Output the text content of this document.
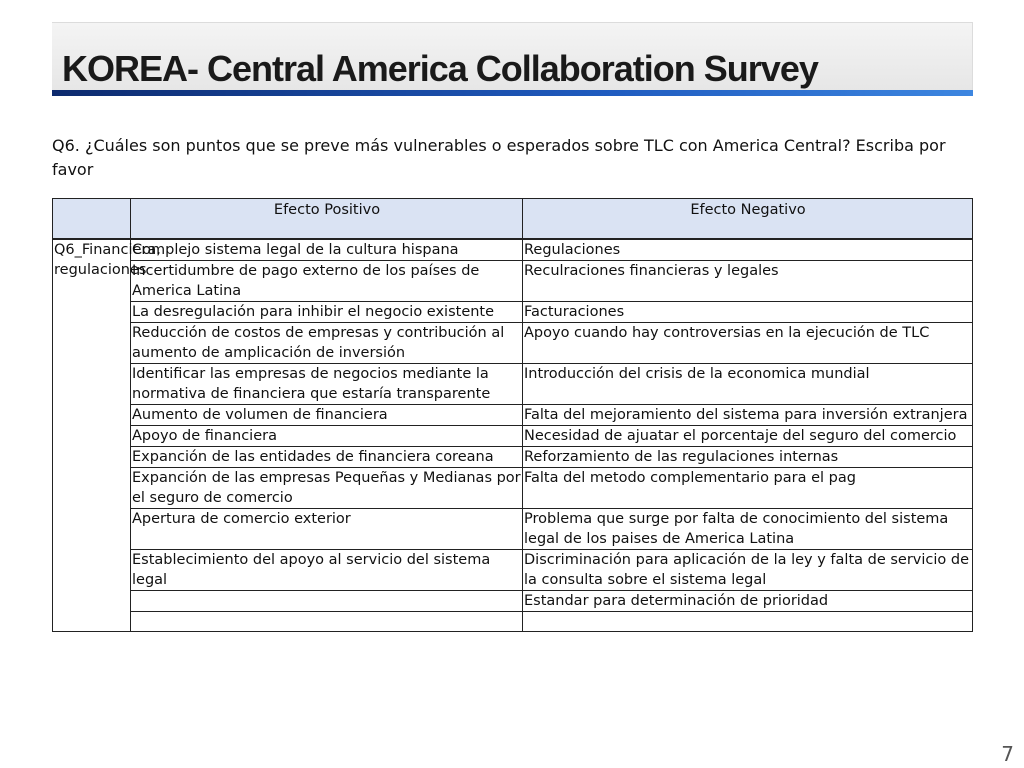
KOREA- Central America Collaboration Survey
Q6. ¿Cuáles son puntos que se preve más vulnerables o esperados sobre TLC con America Central? Escriba por favor
	Efecto Positivo	Efecto Negativo
Q6_Financiera, regulaciones	Complejo sistema legal de la cultura hispana	Regulaciones
	Incertidumbre de pago externo de los países de America Latina	Reculraciones financieras y legales
	La desregulación para inhibir el negocio existente	Facturaciones
	Reducción de costos de empresas y contribución al aumento de amplicación de inversión	Apoyo cuando hay controversias en la ejecución de TLC
	Identificar las empresas de negocios mediante la normativa de financiera que estaría transparente	Introducción del crisis de la economica mundial
	Aumento de volumen de financiera	Falta del mejoramiento del sistema para inversión extranjera
	Apoyo de financiera	Necesidad de ajuatar el porcentaje del seguro del comercio
	Expanción de las entidades de financiera coreana	Reforzamiento de las regulaciones internas
	Expanción de las empresas Pequeñas y Medianas por el seguro de comercio	Falta del metodo complementario para el pag
	Apertura de comercio exterior	Problema que surge por falta de conocimiento del sistema legal de los paises de America Latina
	Establecimiento del apoyo al servicio del sistema legal	Discriminación para aplicación de la ley y falta de servicio de la consulta sobre el sistema legal
		Estandar para determinación de prioridad

7
